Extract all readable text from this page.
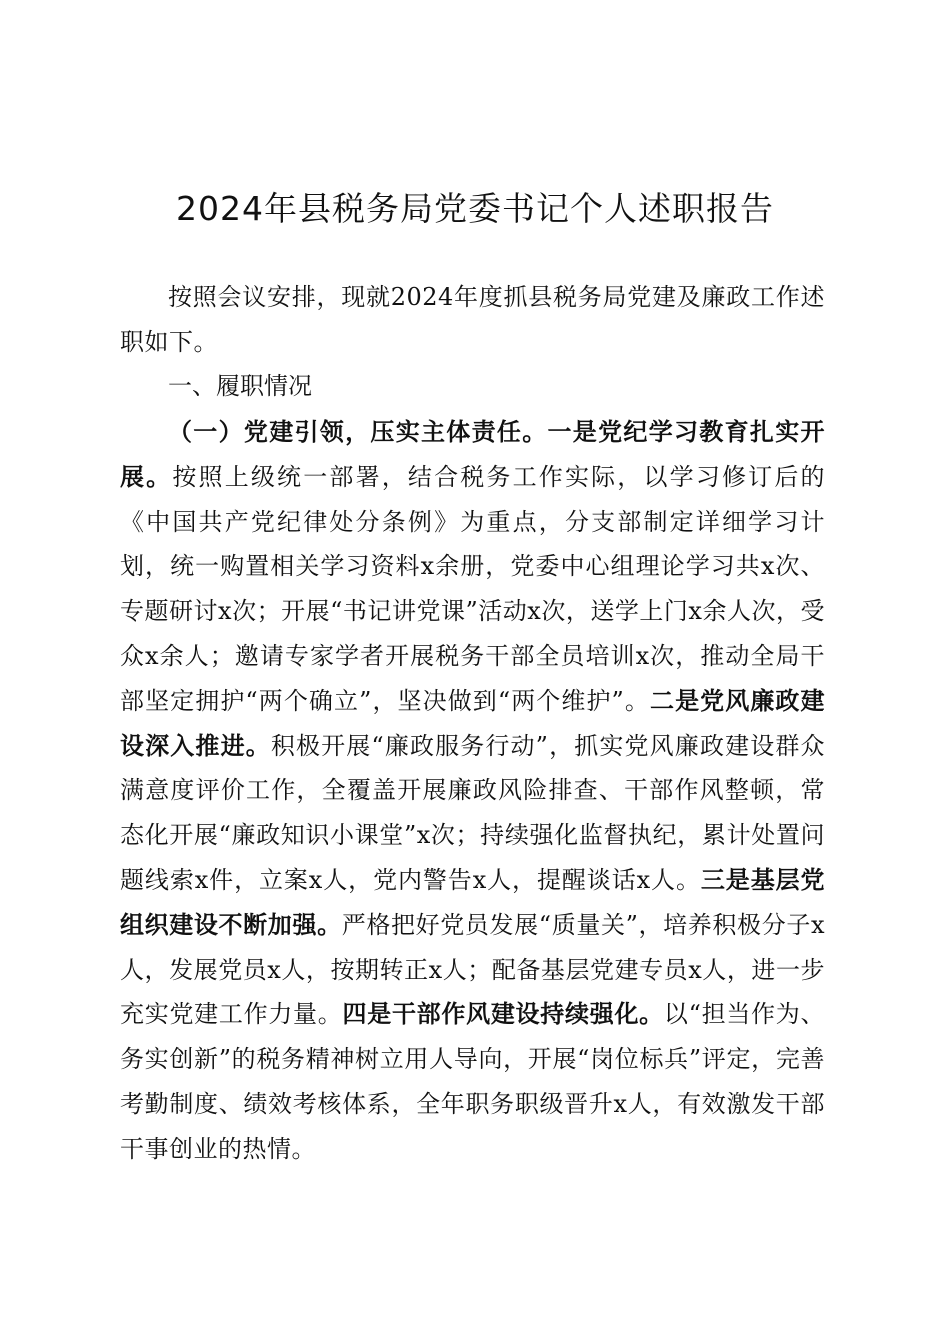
2024年县税务局党委书记个人述职报告

按照会议安排，现就2024年度抓县税务局党建及廉政工作述职如下。

一、履职情况

（一）党建引领，压实主体责任。一是党纪学习教育扎实开展。按照上级统一部署，结合税务工作实际，以学习修订后的《中国共产党纪律处分条例》为重点，分支部制定详细学习计划，统一购置相关学习资料x余册，党委中心组理论学习共x次、专题研讨x次；开展“书记讲党课”活动x次，送学上门x余人次，受众x余人；邀请专家学者开展税务干部全员培训x次，推动全局干部坚定拥护“两个确立”，坚决做到“两个维护”。二是党风廉政建设深入推进。积极开展“廉政服务行动”，抓实党风廉政建设群众满意度评价工作，全覆盖开展廉政风险排查、干部作风整顿，常态化开展“廉政知识小课堂”x次；持续强化监督执纪，累计处置问题线索x件，立案x人，党内警告x人，提醒谈话x人。三是基层党组织建设不断加强。严格把好党员发展“质量关”，培养积极分子x人，发展党员x人，按期转正x人；配备基层党建专员x人，进一步充实党建工作力量。四是干部作风建设持续强化。以“担当作为、务实创新”的税务精神树立用人导向，开展“岗位标兵”评定，完善考勤制度、绩效考核体系，全年职务职级晋升x人，有效激发干部干事创业的热情。
